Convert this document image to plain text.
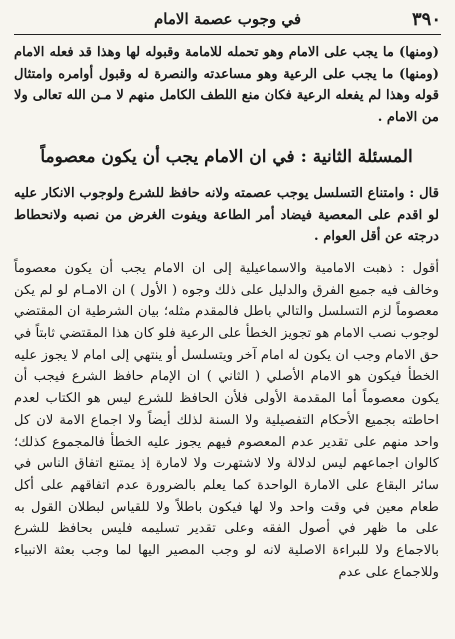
٣٩٠
في وجوب عصمة الامام

(ومنها) ما يجب على الامام وهو تحمله للامامة وقبوله لها وهذا قد فعله الامام (ومنها) ما يجب على الرعية وهو مساعدته والنصرة له وقبول أوامره وامتثال قوله وهذا لم يفعله الرعية فكان منع اللطف الكامل منهم لا مـن الله تعالى ولا من الامام .

المسئلة الثانية : في ان الامام يجب أن يكون معصوماً

قال : وامتناع التسلسل يوجب عصمته ولانه حافظ للشرع ولوجوب الانكار عليه لو اقدم على المعصية فيضاد أمر الطاعة ويفوت الغرض من نصبه ولانحطاط درجته عن أقل العوام .

أقول : ذهبت الامامية والاسماعيلية إلى ان الامام يجب أن يكون معصوماً وخالف فيه جميع الفرق والدليل على ذلك وجوه ( الأول ) ان الامـام لو لم يكن معصوماً لزم التسلسل والتالي باطل فالمقدم مثله؛ بيان الشرطية ان المقتضي لوجوب نصب الامام هو تجويز الخطأ على الرعية فلو كان هذا المقتضي ثابتاً في حق الامام وجب ان يكون له امام آخر ويتسلسل أو ينتهي إلى امام لا يجوز عليه الخطأ فيكون هو الامام الأصلي ( الثاني ) ان الإمام حافظ الشرع فيجب أن يكون معصوماً أما المقدمة الأولى فلأن الحافظ للشرع ليس هو الكتاب لعدم احاطته بجميع الأحكام التفصيلية ولا السنة لذلك أيضاً ولا اجماع الامة لان كل واحد منهم على تقدير عدم المعصوم فيهم يجوز عليه الخطأ فالمجموع كذلك؛ كالوان اجماعهم ليس لدلالة ولا لاشتهرت ولا لامارة إذ يمتنع اتفاق الناس في سائر البقاع على الامارة الواحدة كما يعلم بالضرورة عدم اتفاقهم على أكل طعام معين في وقت واحد ولا لها فيكون باطلاً ولا للقياس لبطلان القول به على ما ظهر في أصول الفقه وعلى تقدير تسليمه فليس بحافظ للشرع بالاجماع ولا للبراءة الاصلية لانه لو وجب المصير اليها لما وجب بعثة الانبياء وللاجماع على عدم
